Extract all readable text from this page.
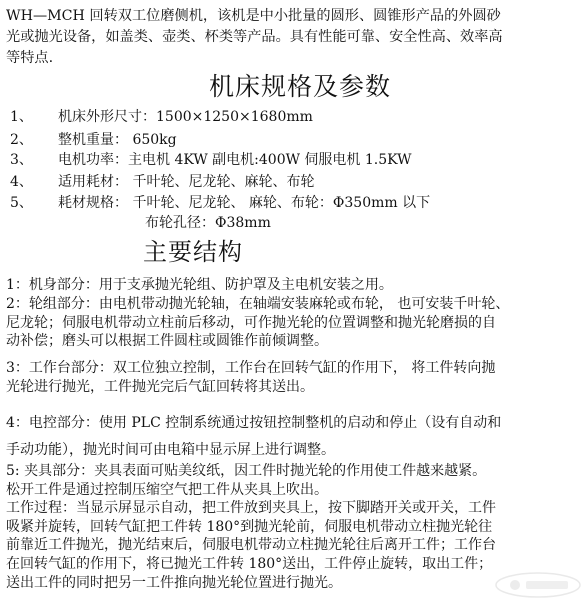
WH—MCH 回转双工位磨侧机，该机是中小批量的圆形、圆锥形产品的外圆砂
光或抛光设备，如盖类、壶类、杯类等产品。具有性能可靠、安全性高、效率高
等特点.
机床规格及参数
1、 机床外形尺寸：1500×1250×1680mm
2、 整机重量： 650kg
3、 电机功率：主电机 4KW 副电机:400W 伺服电机 1.5KW
4、 适用耗材： 千叶轮、尼龙轮、麻轮、布轮
5、 耗材规格： 千叶轮、尼龙轮、 麻轮、布轮：Φ350mm 以下
布轮孔径：Φ38mm
主要结构
1：机身部分：用于支承抛光轮组、防护罩及主电机安装之用。
2：轮组部分：由电机带动抛光轮轴，在轴端安装麻轮或布轮， 也可安装千叶轮、
尼龙轮；伺服电机带动立柱前后移动，可作抛光轮的位置调整和抛光轮磨损的自
动补偿；磨头可以根据工件圆柱或圆锥作前倾调整。
3：工作台部分：双工位独立控制，工作台在回转气缸的作用下， 将工件转向抛
光轮进行抛光，工件抛光完后气缸回转将其送出。
4：电控部分：使用 PLC 控制系统通过按钮控制整机的启动和停止（设有自动和
手动功能），抛光时间可由电箱中显示屏上进行调整。
5: 夹具部分：夹具表面可贴美纹纸，因工件时抛光轮的作用使工件越来越紧。
松开工件是通过控制压缩空气把工件从夹具上吹出。
工作过程：当显示屏显示自动，把工件放到夹具上，按下脚踏开关或开关，工件
吸紧并旋转，回转气缸把工件转 180°到抛光轮前，伺服电机带动立柱抛光轮往
前靠近工件抛光，抛光结束后，伺服电机带动立柱抛光轮往后离开工件；工作台
在回转气缸的作用下，将已抛光工件转 180°送出，工件停止旋转，取出工件；
送出工件的同时把另一工件推向抛光轮位置进行抛光。
